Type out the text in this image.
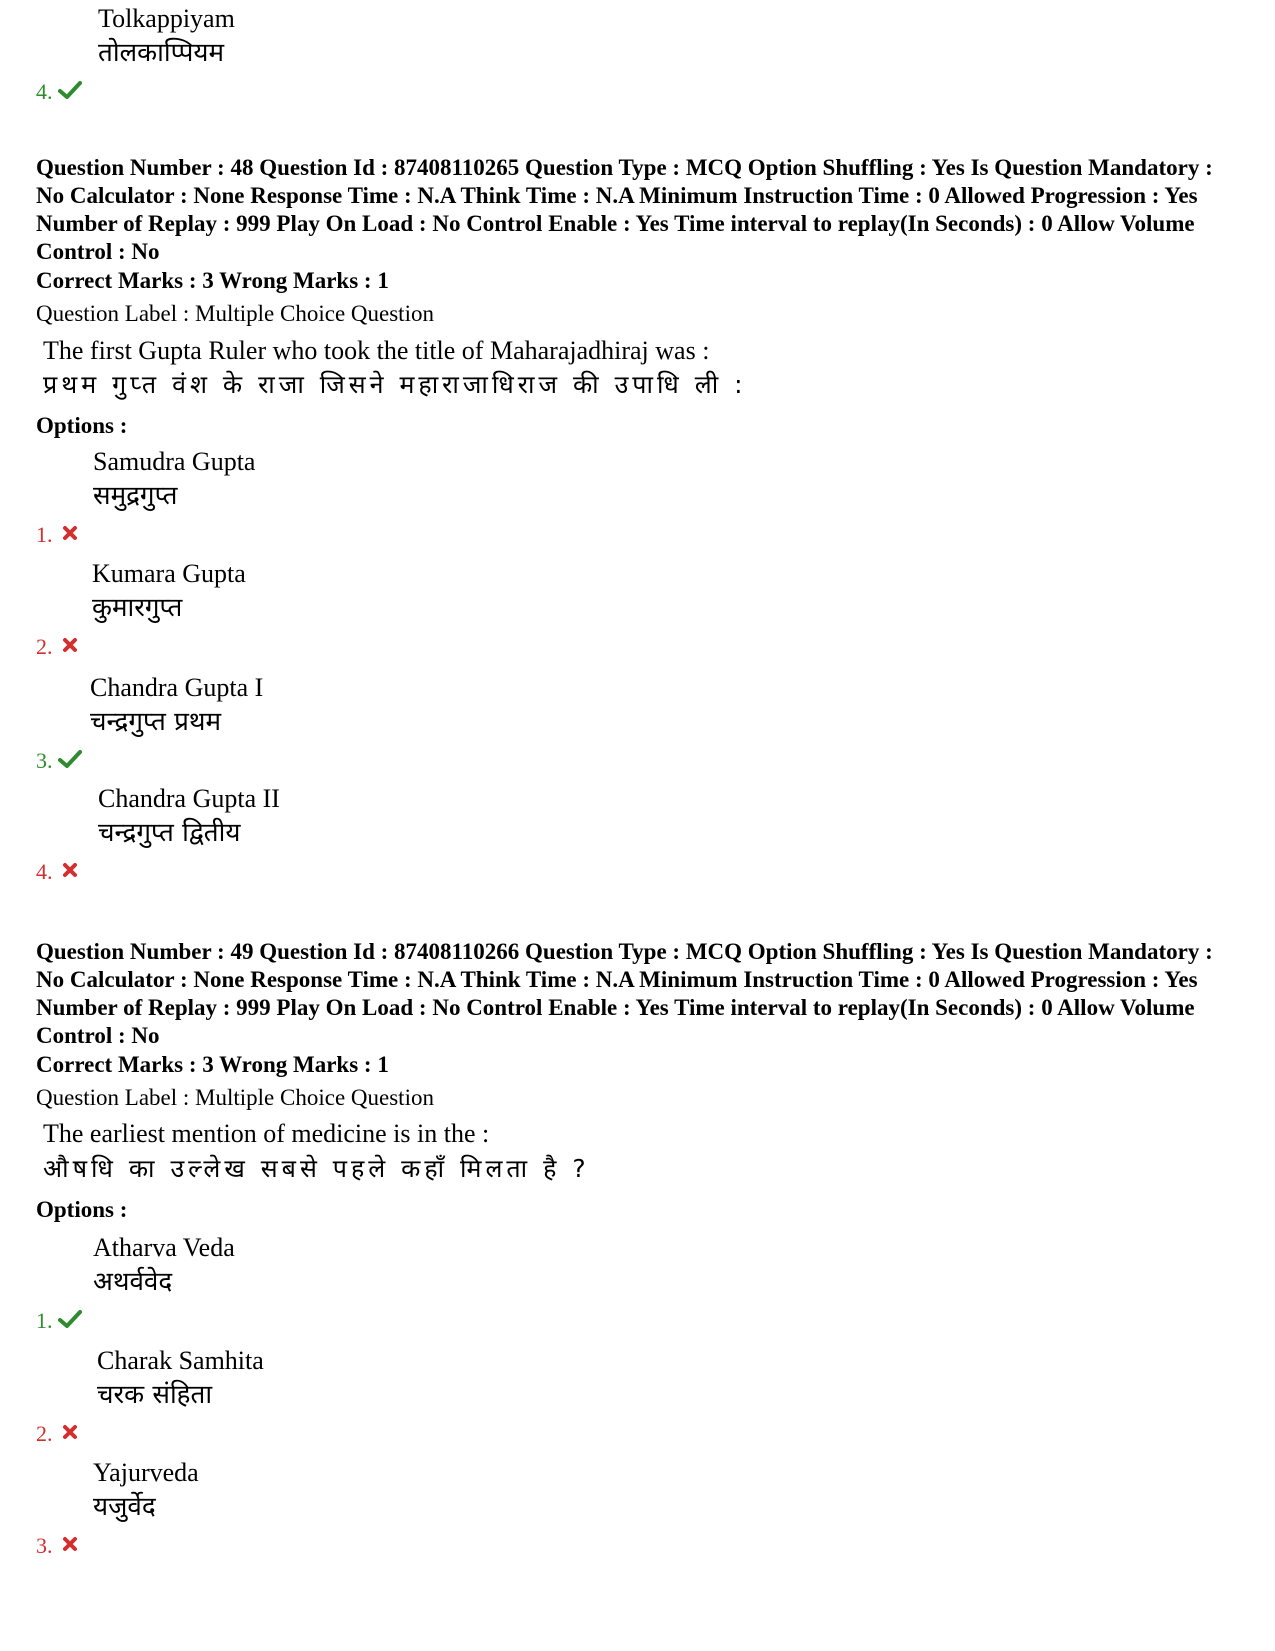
Tolkappiyam
तोलकाप्पियम
4.

Question Number : 48 Question Id : 87408110265 Question Type : MCQ Option Shuffling : Yes Is Question Mandatory : No Calculator : None Response Time : N.A Think Time : N.A Minimum Instruction Time : 0 Allowed Progression : Yes Number of Replay : 999 Play On Load : No Control Enable : Yes Time interval to replay(In Seconds) : 0 Allow Volume Control : No

Correct Marks : 3 Wrong Marks : 1
Question Label : Multiple Choice Question
The first Gupta Ruler who took the title of Maharajadhiraj was :
प्रथम गुप्त वंश के राजा जिसने महाराजाधिराज की उपाधि ली :
Options :
Samudra Gupta
समुद्रगुप्त
1.
Kumara Gupta
कुमारगुप्त
2.
Chandra Gupta I
चन्द्रगुप्त प्रथम
3.
Chandra Gupta II
चन्द्रगुप्त द्वितीय
4.

Question Number : 49 Question Id : 87408110266 Question Type : MCQ Option Shuffling : Yes Is Question Mandatory : No Calculator : None Response Time : N.A Think Time : N.A Minimum Instruction Time : 0 Allowed Progression : Yes Number of Replay : 999 Play On Load : No Control Enable : Yes Time interval to replay(In Seconds) : 0 Allow Volume Control : No

Correct Marks : 3 Wrong Marks : 1
Question Label : Multiple Choice Question
The earliest mention of medicine is in the :
औषधि का उल्लेख सबसे पहले कहाँ मिलता है ?
Options :
Atharva Veda
अथर्ववेद
1.
Charak Samhita
चरक संहिता
2.
Yajurveda
यजुर्वेद
3.
